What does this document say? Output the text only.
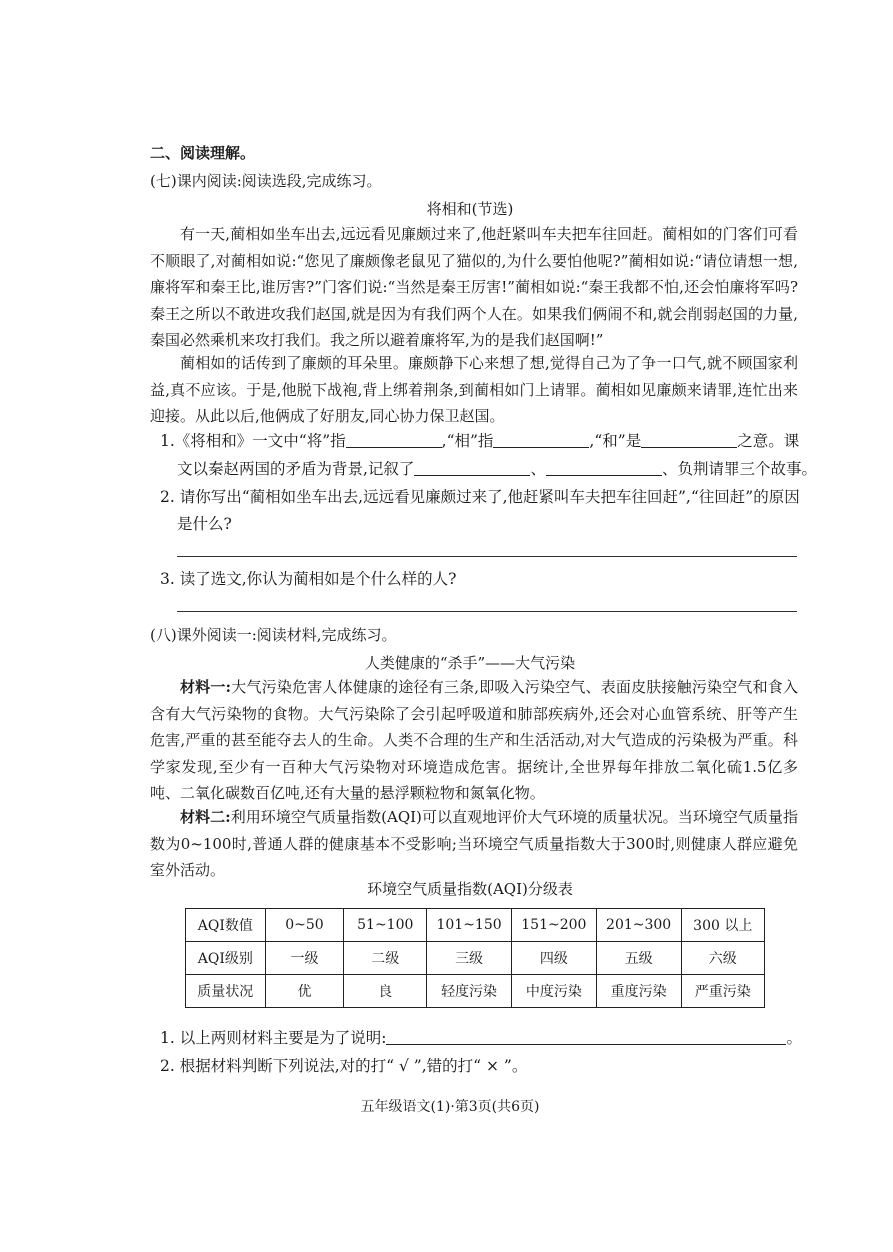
二、阅读理解。
(七)课内阅读:阅读选段,完成练习。
将相和(节选)
有一天,蔺相如坐车出去,远远看见廉颇过来了,他赶紧叫车夫把车往回赶。蔺相如的门客们可看不顺眼了,对蔺相如说:“您见了廉颇像老鼠见了猫似的,为什么要怕他呢?”蔺相如说:“请位请想一想,廉将军和秦王比,谁厉害?”门客们说:“当然是秦王厉害!”蔺相如说:“秦王我都不怕,还会怕廉将军吗?秦王之所以不敢进攻我们赵国,就是因为有我们两个人在。如果我们俩闹不和,就会削弱赵国的力量,秦国必然乘机来攻打我们。我之所以避着廉将军,为的是我们赵国啊!”
蔺相如的话传到了廉颇的耳朵里。廉颇静下心来想了想,觉得自己为了争一口气,就不顾国家利益,真不应该。于是,他脱下战袍,背上绑着荆条,到蔺相如门上请罪。蔺相如见廉颇来请罪,连忙出来迎接。从此以后,他俩成了好朋友,同心协力保卫赵国。
1.《将相和》一文中“将”指	,“相”指	,“和”是	之意。课
文以秦赵两国的矛盾为背景,记叙了	、	、负荆请罪三个故事。
2. 请你写出“蔺相如坐车出去,远远看见廉颇过来了,他赶紧叫车夫把车往回赶”,“往回赶”的原因
是什么?
3. 读了选文,你认为蔺相如是个什么样的人?
(八)课外阅读一:阅读材料,完成练习。
人类健康的“杀手”——大气污染
材料一:大气污染危害人体健康的途径有三条,即吸入污染空气、表面皮肤接触污染空气和食入含有大气污染物的食物。大气污染除了会引起呼吸道和肺部疾病外,还会对心血管系统、肝等产生危害,严重的甚至能夺去人的生命。人类不合理的生产和生活活动,对大气造成的污染极为严重。科学家发现,至少有一百种大气污染物对环境造成危害。据统计,全世界每年排放二氧化硫1.5亿多吨、二氧化碳数百亿吨,还有大量的悬浮颗粒物和氮氧化物。
材料二:利用环境空气质量指数(AQI)可以直观地评价大气环境的质量状况。当环境空气质量指数为0~100时,普通人群的健康基本不受影响;当环境空气质量指数大于300时,则健康人群应避免室外活动。
环境空气质量指数(AQI)分级表
AQI数值	0~50	51~100	101~150	151~200	201~300	300 以上
AQI级别	一级	二级	三级	四级	五级	六级
质量状况	优	良	轻度污染	中度污染	重度污染	严重污染
1. 以上两则材料主要是为了说明:	。
2. 根据材料判断下列说法,对的打“ √ ”,错的打“ × ”。
五年级语文(1)·第3页(共6页)
